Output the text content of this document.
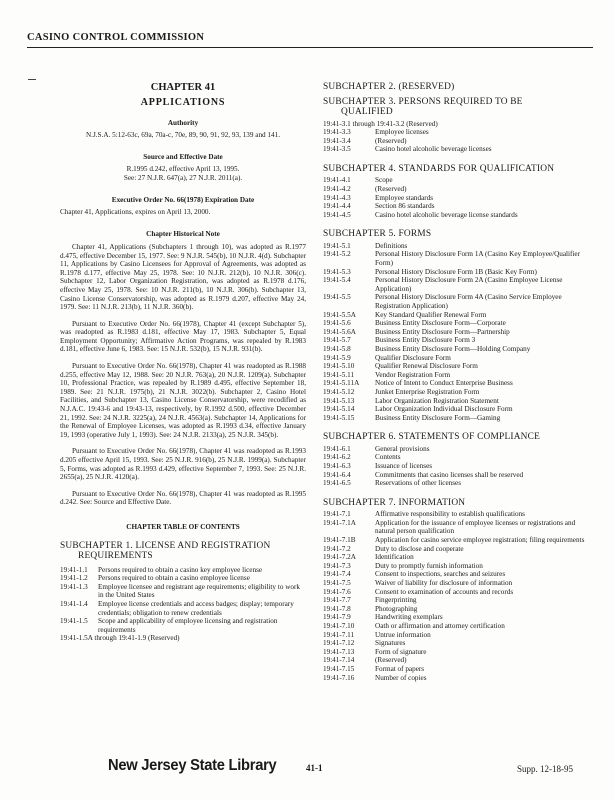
CASINO CONTROL COMMISSION
CHAPTER 41
APPLICATIONS
Authority
N.J.S.A. 5:12-63c, 69a, 70a-c, 70e, 89, 90, 91, 92, 93, 139 and 141.
Source and Effective Date
R.1995 d.242, effective April 13, 1995.
See: 27 N.J.R. 647(a), 27 N.J.R. 2011(a).
Executive Order No. 66(1978) Expiration Date
Chapter 41, Applications, expires on April 13, 2000.
Chapter Historical Note
Chapter 41, Applications (Subchapters 1 through 10), was adopted as R.1977 d.475, effective December 15, 1977. See: 9 N.J.R. 545(b), 10 N.J.R. 4(d). Subchapter 11, Applications by Casino Licensees for Approval of Agreements, was adopted as R.1978 d.177, effective May 25, 1978. See: 10 N.J.R. 212(b), 10 N.J.R. 306(c). Subchapter 12, Labor Organization Registration, was adopted as R.1978 d.176, effective May 25, 1978. See: 10 N.J.R. 211(b), 10 N.J.R. 306(b). Subchapter 13, Casino License Conservatorship, was adopted as R.1979 d.207, effective May 24, 1979. See: 11 N.J.R. 213(b), 11 N.J.R. 360(b).
Pursuant to Executive Order No. 66(1978), Chapter 41 (except Subchapter 5), was readopted as R.1983 d.181, effective May 17, 1983. Subchapter 5, Equal Employment Opportunity; Affirmative Action Programs, was repealed by R.1983 d.181, effective June 6, 1983. See: 15 N.J.R. 532(b), 15 N.J.R. 931(b).
Pursuant to Executive Order No. 66(1978), Chapter 41 was readopted as R.1988 d.255, effective May 12, 1988. See: 20 N.J.R. 763(a), 20 N.J.R. 1209(a). Subchapter 10, Professional Practice, was repealed by R.1989 d.495, effective September 18, 1989. See: 21 N.J.R. 1975(b), 21 N.J.R. 3022(b). Subchapter 2, Casino Hotel Facilities, and Subchapter 13, Casino License Conservatorship, were recodified as N.J.A.C. 19:43-6 and 19:43-13, respectively, by R.1992 d.500, effective December 21, 1992. See: 24 N.J.R. 3225(a), 24 N.J.R. 4563(a). Subchapter 14, Applications for the Renewal of Employee Licenses, was adopted as R.1993 d.34, effective January 19, 1993 (operative July 1, 1993). See: 24 N.J.R. 2133(a), 25 N.J.R. 345(b).
Pursuant to Executive Order No. 66(1978), Chapter 41 was readopted as R.1993 d.205 effective April 15, 1993. See: 25 N.J.R. 916(b), 25 N.J.R. 1999(a). Subchapter 5, Forms, was adopted as R.1993 d.429, effective September 7, 1993. See: 25 N.J.R. 2655(a), 25 N.J.R. 4120(a).
Pursuant to Executive Order No. 66(1978), Chapter 41 was readopted as R.1995 d.242. See: Source and Effective Date.
CHAPTER TABLE OF CONTENTS
SUBCHAPTER 1. LICENSE AND REGISTRATION
REQUIREMENTS
19:41-1.1	Persons required to obtain a casino key employee license
19:41-1.2	Persons required to obtain a casino employee license
19:41-1.3	Employee licensee and registrant age requirements; eligibility to work in the United States
19:41-1.4	Employee license credentials and access badges; display; temporary credentials; obligation to renew credentials
19:41-1.5	Scope and applicability of employee licensing and registration requirements
19:41-1.5A through 19:41-1.9 (Reserved)
SUBCHAPTER 2. (RESERVED)
SUBCHAPTER 3. PERSONS REQUIRED TO BE
QUALIFIED
19:41-3.1 through 19:41-3.2 (Reserved)
19:41-3.3	Employee licenses
19:41-3.4	(Reserved)
19:41-3.5	Casino hotel alcoholic beverage licenses
SUBCHAPTER 4. STANDARDS FOR QUALIFICATION
19:41-4.1	Scope
19:41-4.2	(Reserved)
19:41-4.3	Employee standards
19:41-4.4	Section 86 standards
19:41-4.5	Casino hotel alcoholic beverage license standards
SUBCHAPTER 5. FORMS
19:41-5.1	Definitions
19:41-5.2	Personal History Disclosure Form 1A (Casino Key Employee/Qualifier Form)
19:41-5.3	Personal History Disclosure Form 1B (Basic Key Form)
19:41-5.4	Personal History Disclosure Form 2A (Casino Employee License Application)
19:41-5.5	Personal History Disclosure Form 4A (Casino Service Employee Registration Application)
19:41-5.5A	Key Standard Qualifier Renewal Form
19:41-5.6	Business Entity Disclosure Form—Corporate
19:41-5.6A	Business Entity Disclosure Form—Partnership
19:41-5.7	Business Entity Disclosure Form 3
19:41-5.8	Business Entity Disclosure Form—Holding Company
19:41-5.9	Qualifier Disclosure Form
19:41-5.10	Qualifier Renewal Disclosure Form
19:41-5.11	Vendor Registration Form
19:41-5.11A	Notice of Intent to Conduct Enterprise Business
19:41-5.12	Junket Enterprise Registration Form
19:41-5.13	Labor Organization Registration Statement
19:41-5.14	Labor Organization Individual Disclosure Form
19:41-5.15	Business Entity Disclosure Form—Gaming
SUBCHAPTER 6. STATEMENTS OF COMPLIANCE
19:41-6.1	General provisions
19:41-6.2	Contents
19:41-6.3	Issuance of licenses
19:41-6.4	Commitments that casino licenses shall be reserved
19:41-6.5	Reservations of other licenses
SUBCHAPTER 7. INFORMATION
19:41-7.1	Affirmative responsibility to establish qualifications
19:41-7.1A	Application for the issuance of employee licenses or registrations and natural person qualification
19:41-7.1B	Application for casino service employee registration; filing requirements
19:41-7.2	Duty to disclose and cooperate
19:41-7.2A	Identification
19:41-7.3	Duty to promptly furnish information
19:41-7.4	Consent to inspections, searches and seizures
19:41-7.5	Waiver of liability for disclosure of information
19:41-7.6	Consent to examination of accounts and records
19:41-7.7	Fingerprinting
19:41-7.8	Photographing
19:41-7.9	Handwriting exemplars
19:41-7.10	Oath or affirmation and attorney certification
19:41-7.11	Untrue information
19:41-7.12	Signatures
19:41-7.13	Form of signature
19:41-7.14	(Reserved)
19:41-7.15	Format of papers
19:41-7.16	Number of copies
New Jersey State Library	41-1	Supp. 12-18-95
